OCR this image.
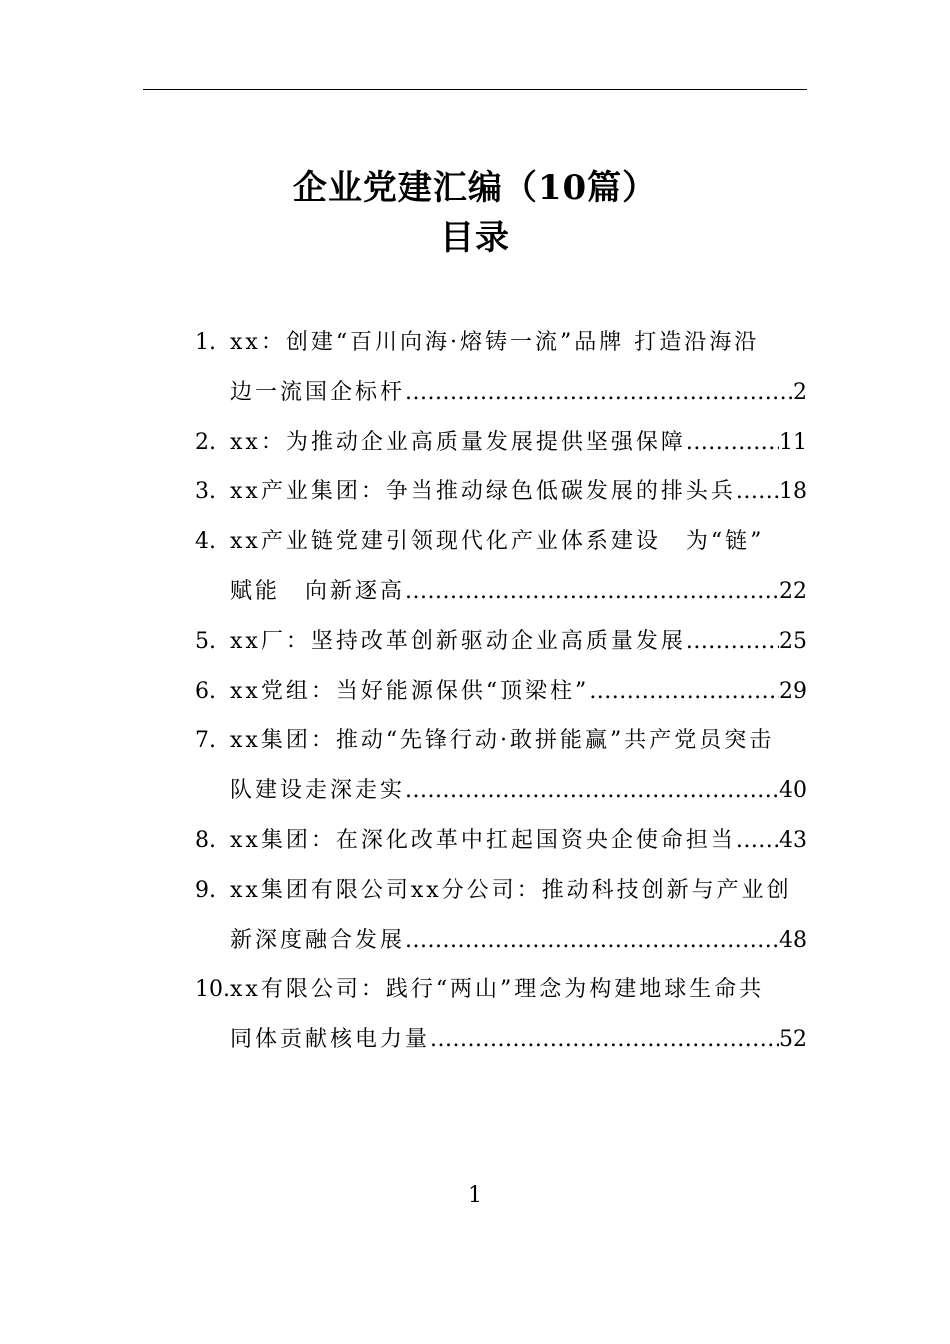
企业党建汇编（10篇）
目录
1. xx：创建“百川向海·熔铸一流”品牌 打造沿海沿
边一流国企标杆 .....	2
2. xx：为推动企业高质量发展提供坚强保障 .....	11
3. xx产业集团：争当推动绿色低碳发展的排头兵 ..... 18
4. xx产业链党建引领现代化产业体系建设　为“链”
赋能　向新逐高 .....	22
5. xx厂：坚持改革创新驱动企业高质量发展 .....	25
6. xx党组：当好能源保供“顶梁柱” .....	29
7. xx集团：推动“先锋行动·敢拼能赢”共产党员突击
队建设走深走实 .....	40
8. xx集团：在深化改革中扛起国资央企使命担当 ..... 43
9. xx集团有限公司xx分公司：推动科技创新与产业创
新深度融合发展 .....	48
10. xx有限公司：践行“两山”理念为构建地球生命共
同体贡献核电力量 .....	52
1
